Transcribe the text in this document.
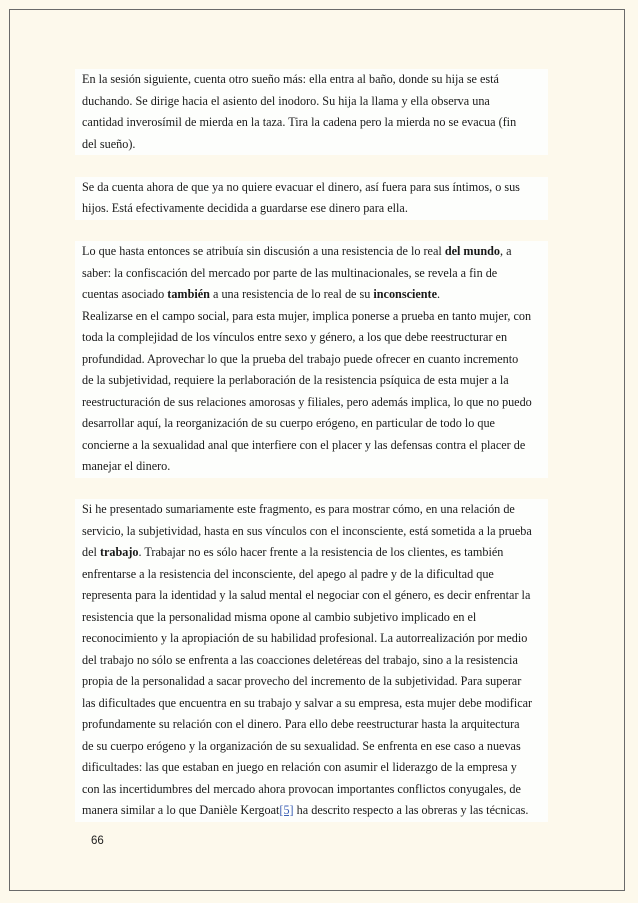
En la sesión siguiente, cuenta otro sueño más: ella entra al baño, donde su hija se está
duchando. Se dirige hacia el asiento del inodoro. Su hija la llama y ella observa una
cantidad inverosímil de mierda en la taza. Tira la cadena pero la mierda no se evacua (fin
del sueño).

Se da cuenta ahora de que ya no quiere evacuar el dinero, así fuera para sus íntimos, o sus
hijos. Está efectivamente decidida a guardarse ese dinero para ella.

Lo que hasta entonces se atribuía sin discusión a una resistencia de lo real del mundo, a
saber: la confiscación del mercado por parte de las multinacionales, se revela a fin de
cuentas asociado también a una resistencia de lo real de su inconsciente.
Realizarse en el campo social, para esta mujer, implica ponerse a prueba en tanto mujer, con
toda la complejidad de los vínculos entre sexo y género, a los que debe reestructurar en
profundidad. Aprovechar lo que la prueba del trabajo puede ofrecer en cuanto incremento
de la subjetividad, requiere la perlaboración de la resistencia psíquica de esta mujer a la
reestructuración de sus relaciones amorosas y filiales, pero además implica, lo que no puedo
desarrollar aquí, la reorganización de su cuerpo erógeno, en particular de todo lo que
concierne a la sexualidad anal que interfiere con el placer y las defensas contra el placer de
manejar el dinero.

Si he presentado sumariamente este fragmento, es para mostrar cómo, en una relación de
servicio, la subjetividad, hasta en sus vínculos con el inconsciente, está sometida a la prueba
del trabajo. Trabajar no es sólo hacer frente a la resistencia de los clientes, es también
enfrentarse a la resistencia del inconsciente, del apego al padre y de la dificultad que
representa para la identidad y la salud mental el negociar con el género, es decir enfrentar la
resistencia que la personalidad misma opone al cambio subjetivo implicado en el
reconocimiento y la apropiación de su habilidad profesional. La autorrealización por medio
del trabajo no sólo se enfrenta a las coacciones deletéreas del trabajo, sino a la resistencia
propia de la personalidad a sacar provecho del incremento de la subjetividad. Para superar
las dificultades que encuentra en su trabajo y salvar a su empresa, esta mujer debe modificar
profundamente su relación con el dinero. Para ello debe reestructurar hasta la arquitectura
de su cuerpo erógeno y la organización de su sexualidad. Se enfrenta en ese caso a nuevas
dificultades: las que estaban en juego en relación con asumir el liderazgo de la empresa y
con las incertidumbres del mercado ahora provocan importantes conflictos conyugales, de
manera similar a lo que Danièle Kergoat[5] ha descrito respecto a las obreras y las técnicas.

66
